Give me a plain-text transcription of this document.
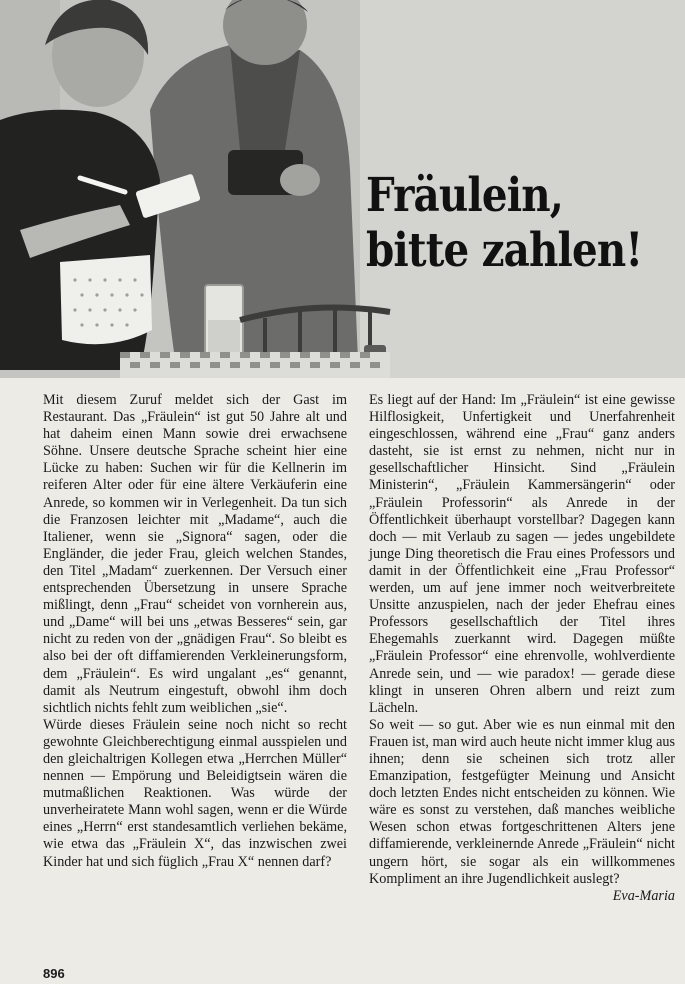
Fräulein,
bitte zahlen!

Mit diesem Zuruf meldet sich der Gast im Restaurant. Das „Fräulein“ ist gut 50 Jahre alt und hat daheim einen Mann sowie drei erwachsene Söhne. Unsere deutsche Sprache scheint hier eine Lücke zu haben: Suchen wir für die Kellnerin im reiferen Alter oder für eine ältere Verkäuferin eine Anrede, so kommen wir in Verlegenheit. Da tun sich die Franzosen leichter mit „Madame“, auch die Italiener, wenn sie „Signora“ sagen, oder die Engländer, die jeder Frau, gleich welchen Standes, den Titel „Madam“ zuerkennen. Der Versuch einer entsprechenden Übersetzung in unsere Sprache mißlingt, denn „Frau“ scheidet von vornherein aus, und „Dame“ will bei uns „etwas Besseres“ sein, gar nicht zu reden von der „gnädigen Frau“. So bleibt es also bei der oft diffamierenden Verkleinerungsform, dem „Fräulein“. Es wird ungalant „es“ genannt, damit als Neutrum eingestuft, obwohl ihm doch sichtlich nichts fehlt zum weiblichen „sie“.

Würde dieses Fräulein seine noch nicht so recht gewohnte Gleichberechtigung einmal ausspielen und den gleichaltrigen Kollegen etwa „Herrchen Müller“ nennen — Empörung und Beleidigtsein wären die mutmaßlichen Reaktionen. Was würde der unverheiratete Mann wohl sagen, wenn er die Würde eines „Herrn“ erst standesamtlich verliehen bekäme, wie etwa das „Fräulein X“, das inzwischen zwei Kinder hat und sich füglich „Frau X“ nennen darf?

Es liegt auf der Hand: Im „Fräulein“ ist eine gewisse Hilflosigkeit, Unfertigkeit und Unerfahrenheit eingeschlossen, während eine „Frau“ ganz anders dasteht, sie ist ernst zu nehmen, nicht nur in gesellschaftlicher Hinsicht. Sind „Fräulein Ministerin“, „Fräulein Kammersängerin“ oder „Fräulein Professorin“ als Anrede in der Öffentlichkeit überhaupt vorstellbar? Dagegen kann doch — mit Verlaub zu sagen — jedes ungebildete junge Ding theoretisch die Frau eines Professors und damit in der Öffentlichkeit eine „Frau Professor“ werden, um auf jene immer noch weitverbreitete Unsitte anzuspielen, nach der jeder Ehefrau eines Professors gesellschaftlich der Titel ihres Ehegemahls zuerkannt wird. Dagegen müßte „Fräulein Professor“ eine ehrenvolle, wohlverdiente Anrede sein, und — wie paradox! — gerade diese klingt in unseren Ohren albern und reizt zum Lächeln.

So weit — so gut. Aber wie es nun einmal mit den Frauen ist, man wird auch heute nicht immer klug aus ihnen; denn sie scheinen sich trotz aller Emanzipation, festgefügter Meinung und Ansicht doch letzten Endes nicht entscheiden zu können. Wie wäre es sonst zu verstehen, daß manches weibliche Wesen schon etwas fortgeschrittenen Alters jene diffamierende, verkleinernde Anrede „Fräulein“ nicht ungern hört, sie sogar als ein willkommenes Kompliment an ihre Jugendlichkeit auslegt?
Eva-Maria

896
